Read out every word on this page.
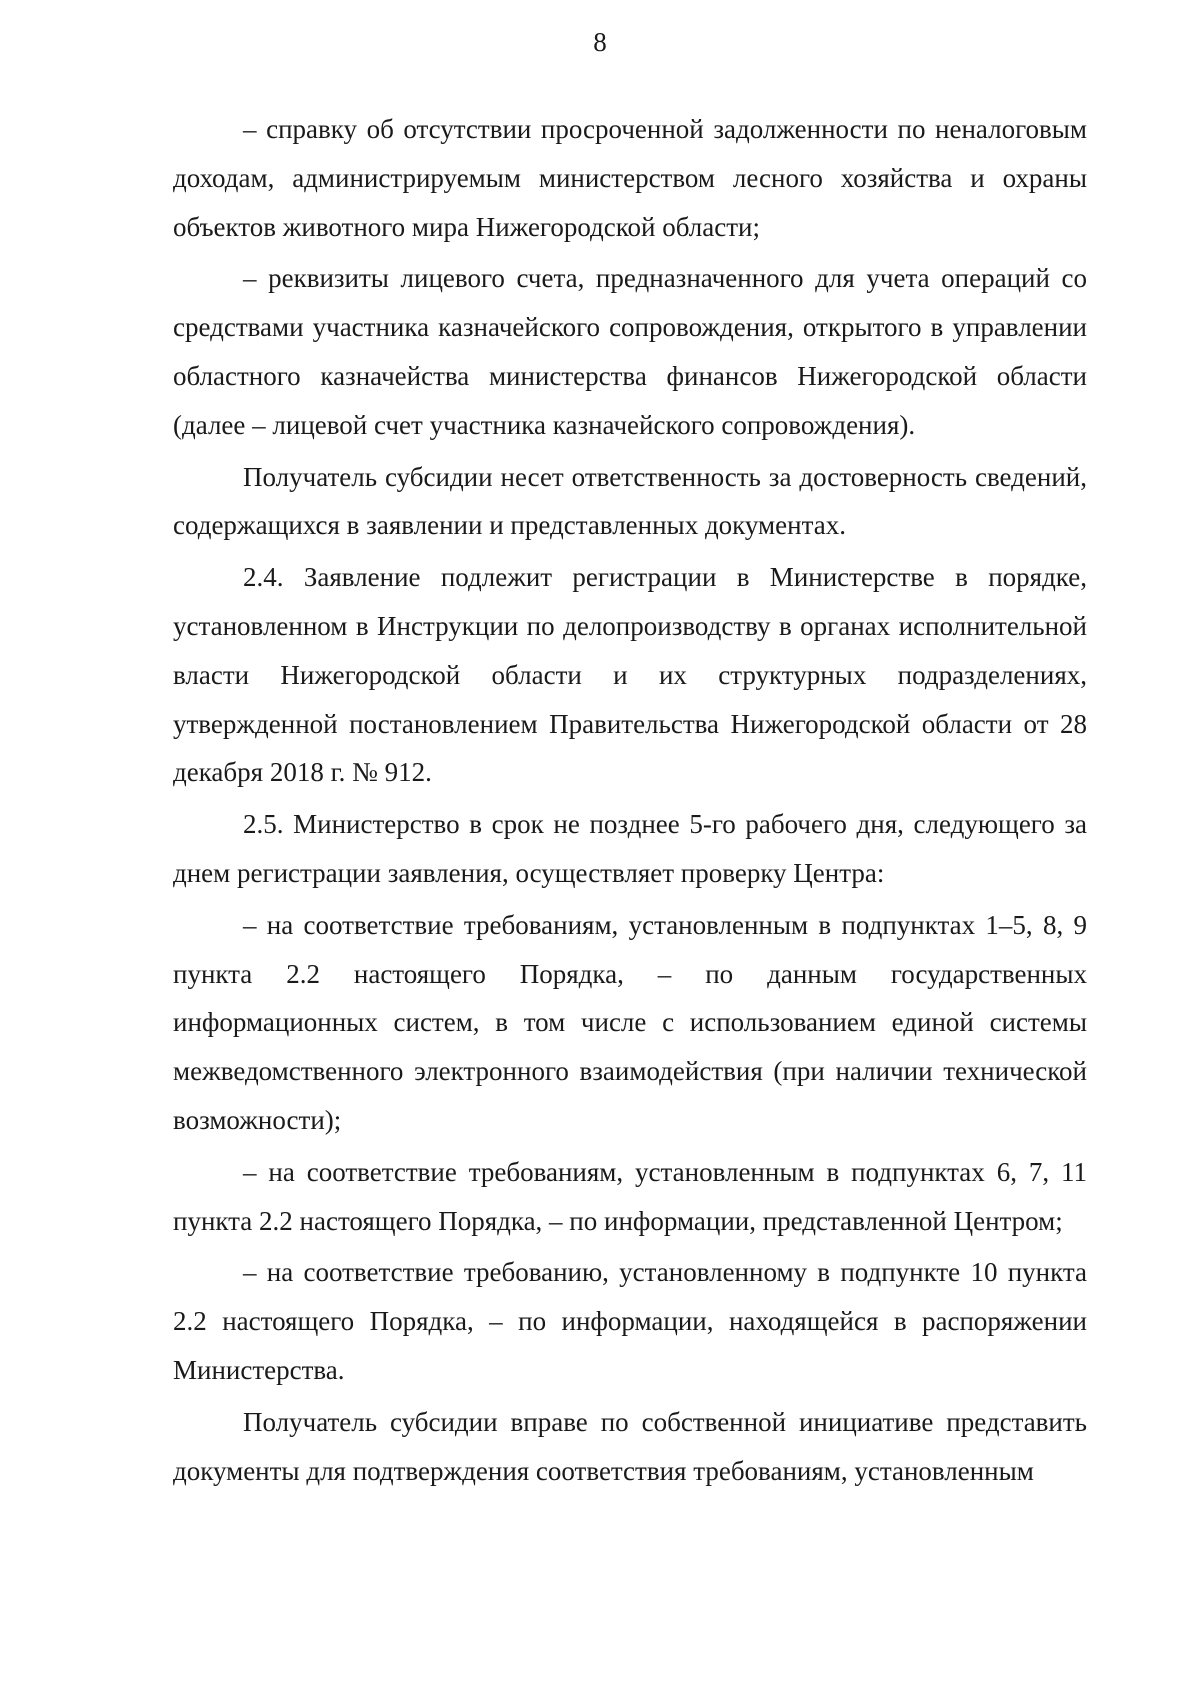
8

– справку об отсутствии просроченной задолженности по неналоговым доходам, администрируемым министерством лесного хозяйства и охраны объектов животного мира Нижегородской области;

– реквизиты лицевого счета, предназначенного для учета операций со средствами участника казначейского сопровождения, открытого в управлении областного казначейства министерства финансов Нижегородской области (далее – лицевой счет участника казначейского сопровождения).

Получатель субсидии несет ответственность за достоверность сведений, содержащихся в заявлении и представленных документах.

2.4. Заявление подлежит регистрации в Министерстве в порядке, установленном в Инструкции по делопроизводству в органах исполнительной власти Нижегородской области и их структурных подразделениях, утвержденной постановлением Правительства Нижегородской области от 28 декабря 2018 г. № 912.

2.5. Министерство в срок не позднее 5-го рабочего дня, следующего за днем регистрации заявления, осуществляет проверку Центра:

– на соответствие требованиям, установленным в подпунктах 1–5, 8, 9 пункта 2.2 настоящего Порядка, – по данным государственных информационных систем, в том числе с использованием единой системы межведомственного электронного взаимодействия (при наличии технической возможности);

– на соответствие требованиям, установленным в подпунктах 6, 7, 11 пункта 2.2 настоящего Порядка, – по информации, представленной Центром;

– на соответствие требованию, установленному в подпункте 10 пункта 2.2 настоящего Порядка, – по информации, находящейся в распоряжении Министерства.

Получатель субсидии вправе по собственной инициативе представить документы для подтверждения соответствия требованиям, установленным
